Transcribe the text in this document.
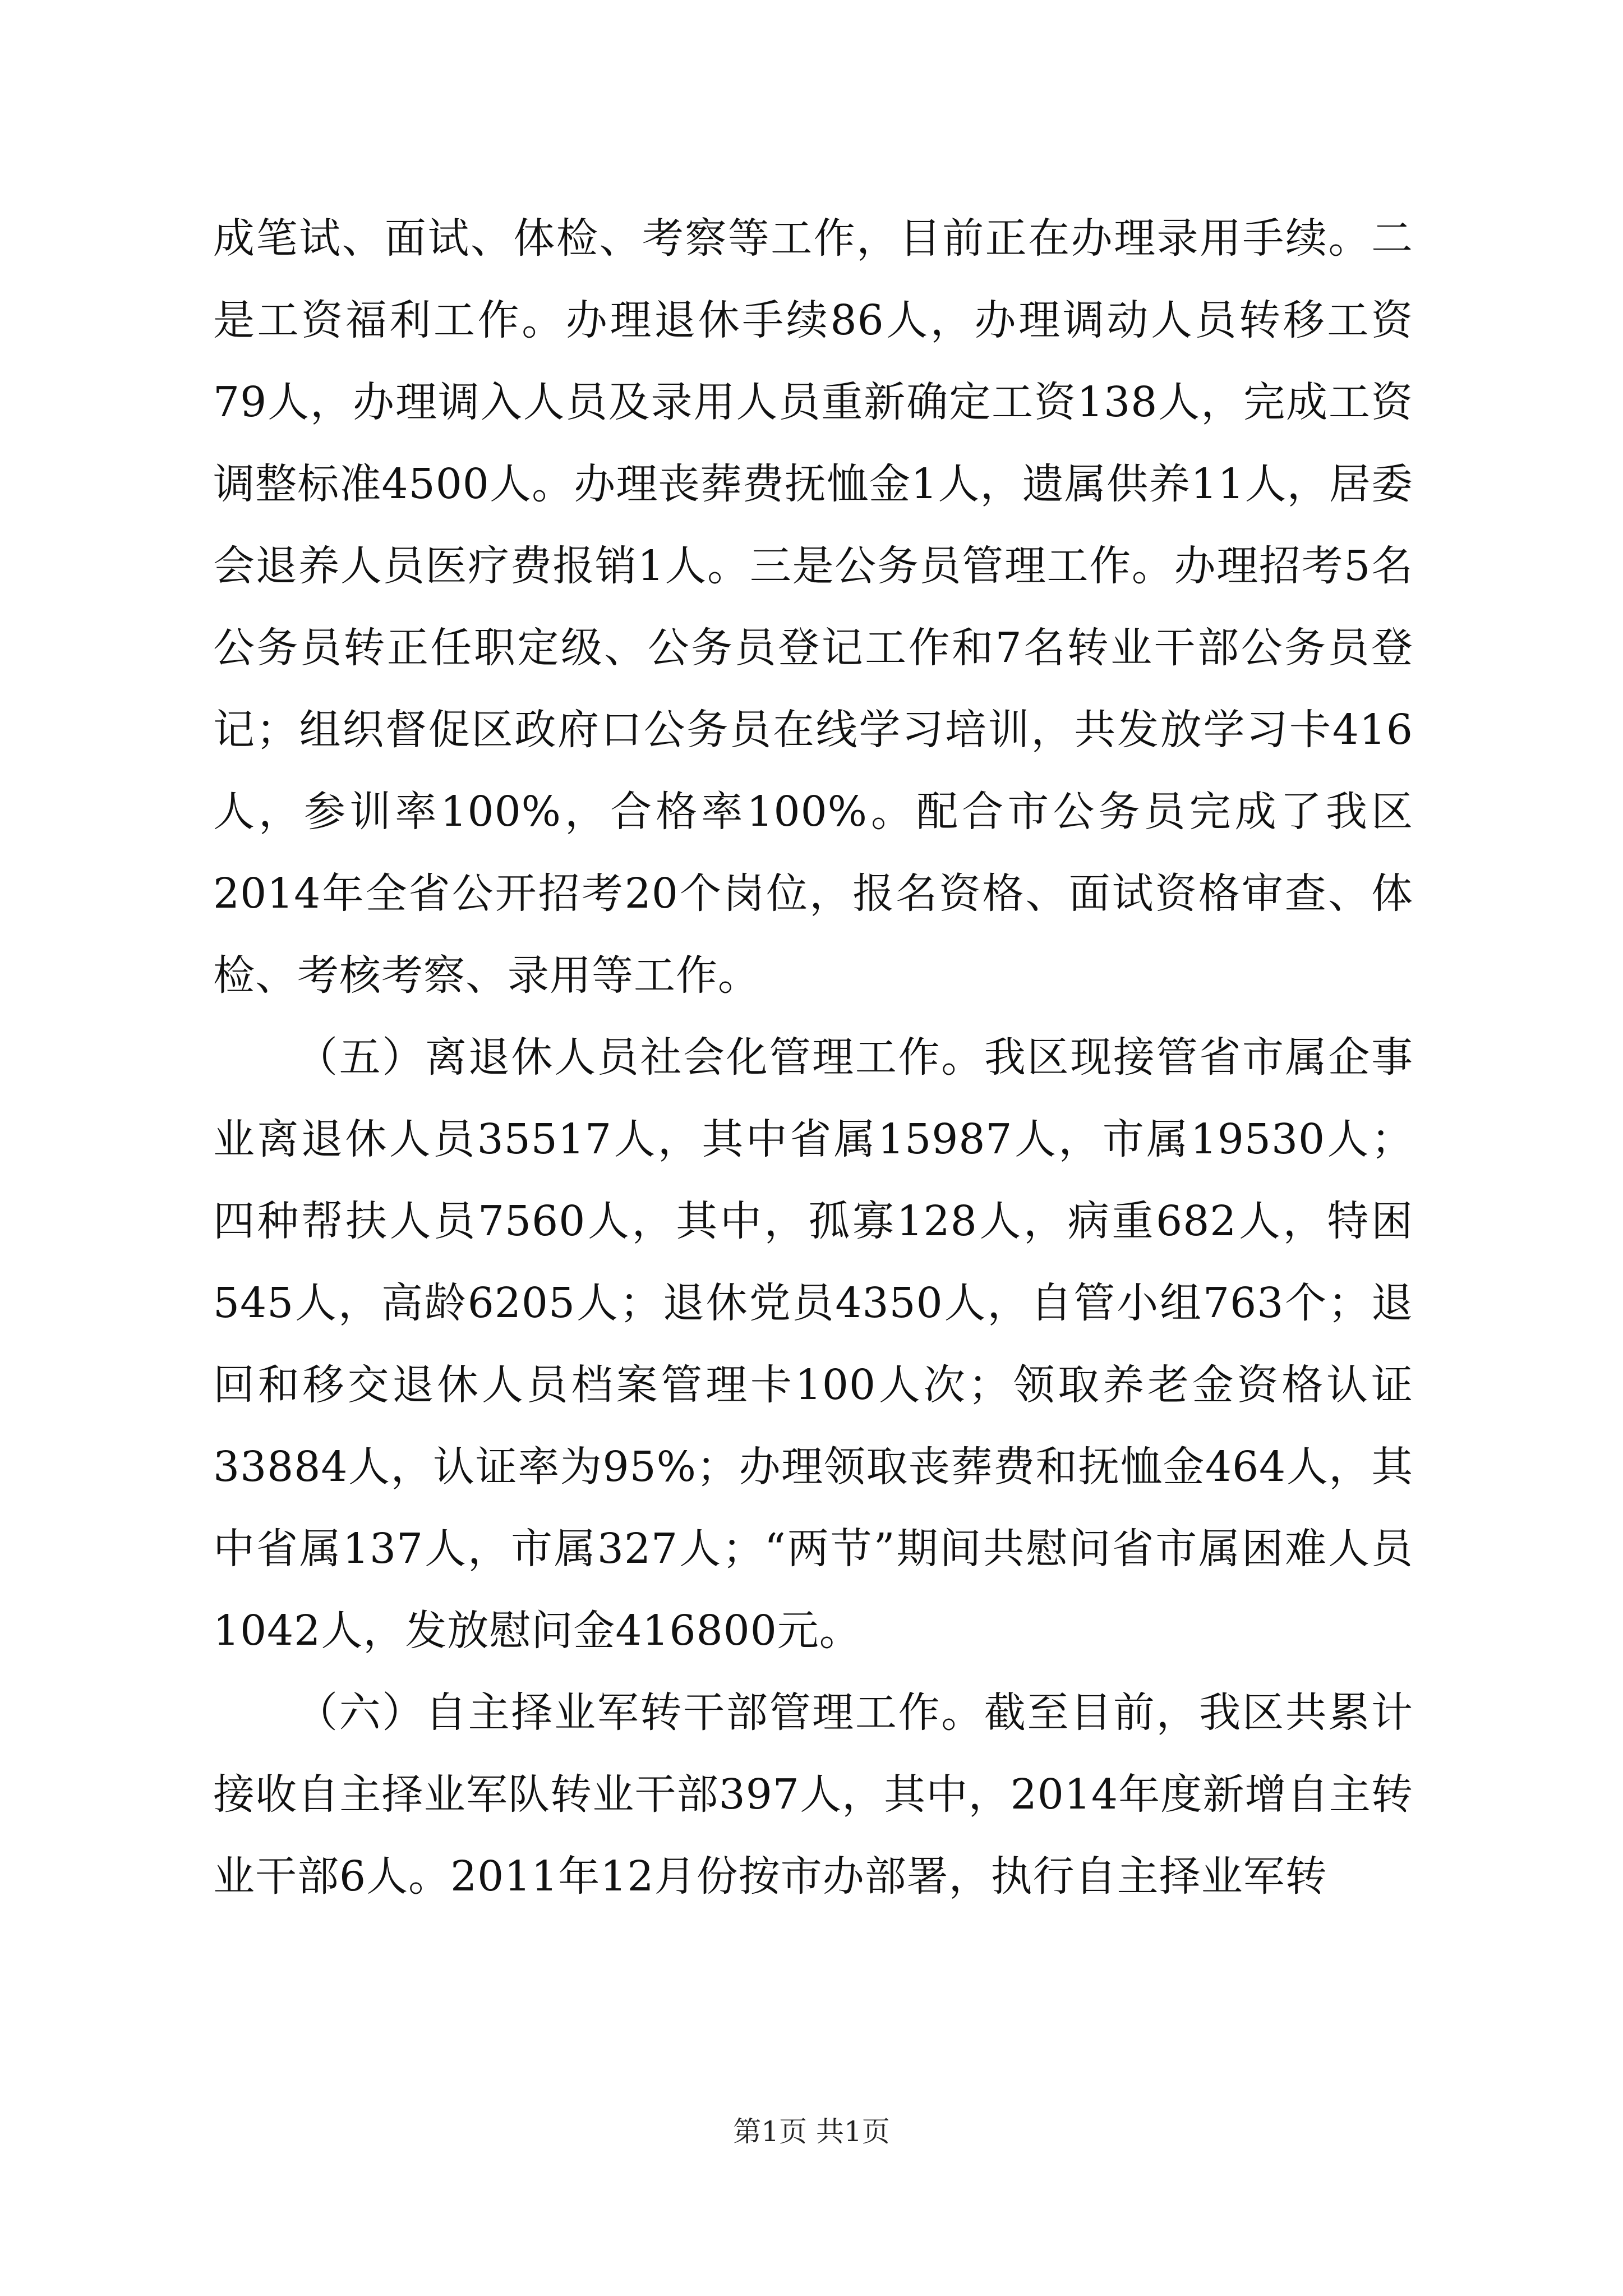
成笔试、面试、体检、考察等工作，目前正在办理录用手续。二是工资福利工作。办理退休手续86人，办理调动人员转移工资79人，办理调入人员及录用人员重新确定工资138人，完成工资调整标准4500人。办理丧葬费抚恤金1人，遗属供养11人，居委会退养人员医疗费报销1人。三是公务员管理工作。办理招考5名公务员转正任职定级、公务员登记工作和7名转业干部公务员登记；组织督促区政府口公务员在线学习培训，共发放学习卡416人，参训率100%，合格率100%。配合市公务员完成了我区2014年全省公开招考20个岗位，报名资格、面试资格审查、体检、考核考察、录用等工作。

（五）离退休人员社会化管理工作。我区现接管省市属企事业离退休人员35517人，其中省属15987人，市属19530人；四种帮扶人员7560人，其中，孤寡128人，病重682人，特困545人，高龄6205人；退休党员4350人，自管小组763个；退回和移交退休人员档案管理卡100人次；领取养老金资格认证33884人，认证率为95%；办理领取丧葬费和抚恤金464人，其中省属137人，市属327人；“两节”期间共慰问省市属困难人员1042人，发放慰问金416800元。

（六）自主择业军转干部管理工作。截至目前，我区共累计接收自主择业军队转业干部397人，其中，2014年度新增自主转业干部6人。2011年12月份按市办部署，执行自主择业军转

第1页 共1页
